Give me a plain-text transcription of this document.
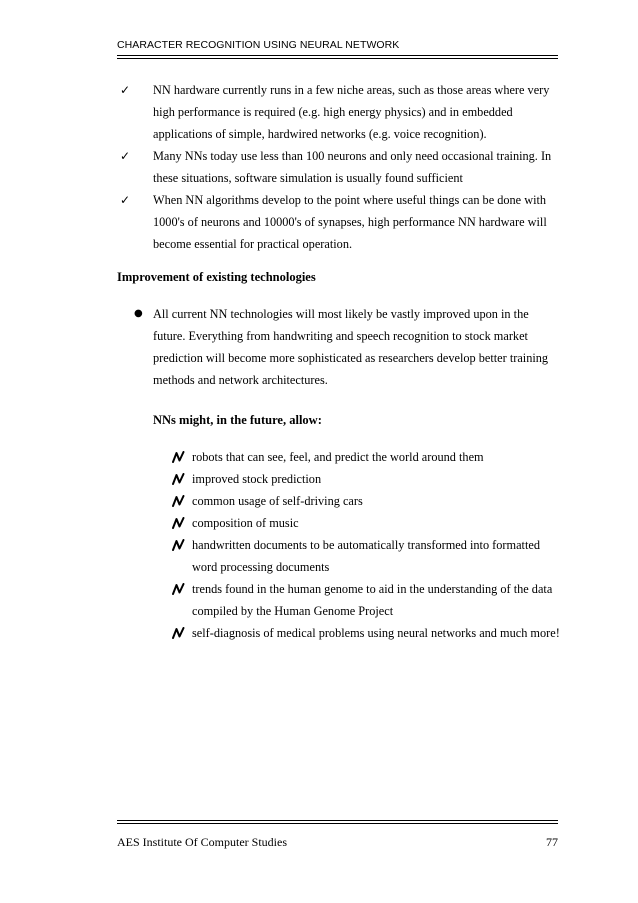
CHARACTER RECOGNITION USING NEURAL NETWORK
✓	NN hardware currently runs in a few niche areas, such as those areas where very high performance is required (e.g. high energy physics) and in embedded applications of simple, hardwired networks (e.g. voice recognition).
✓	Many NNs today use less than 100 neurons and only need occasional training. In these situations, software simulation is usually found sufficient
✓	When NN algorithms develop to the point where useful things can be done with 1000's of neurons and 10000's of synapses, high performance NN hardware will become essential for practical operation.
Improvement of existing technologies
● All current NN technologies will most likely be vastly improved upon in the future. Everything from handwriting and speech recognition to stock market prediction will become more sophisticated as researchers develop better training methods and network architectures.
NNs might, in the future, allow:
robots that can see, feel, and predict the world around them
improved stock prediction
common usage of self-driving cars
composition of music
handwritten documents to be automatically transformed into formatted word processing documents
trends found in the human genome to aid in the understanding of the data compiled by the Human Genome Project
self-diagnosis of medical problems using neural networks and much more!
AES Institute Of Computer Studies	77
